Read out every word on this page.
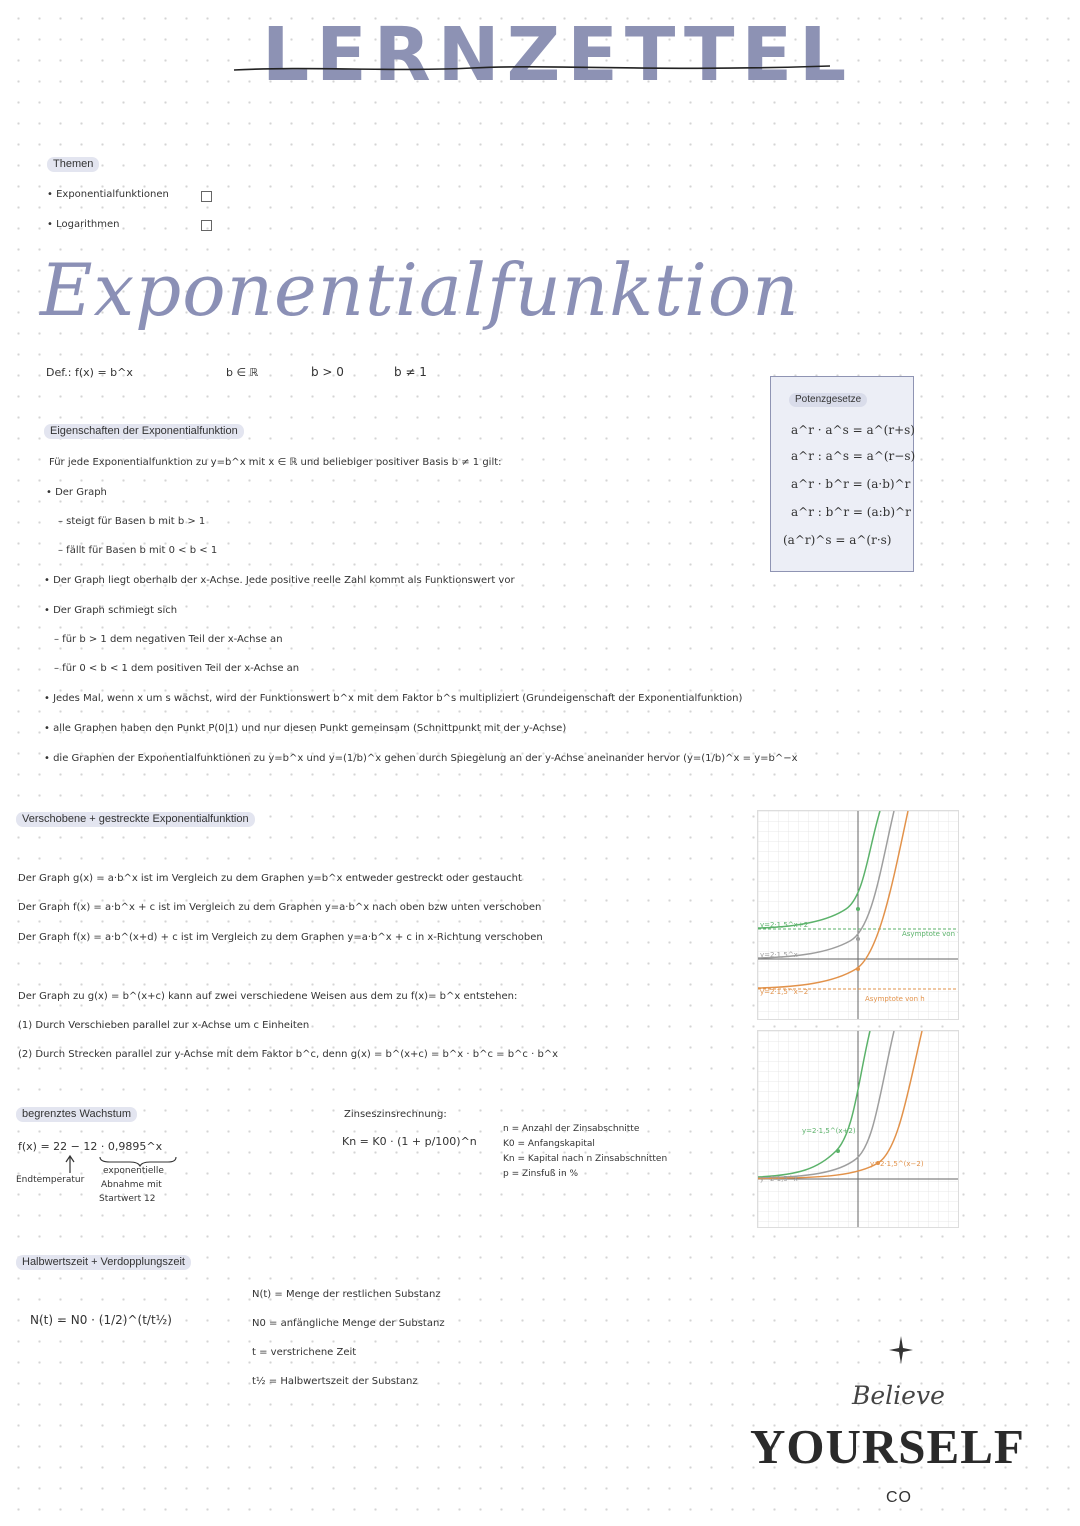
LERNZETTEL
Themen
• Exponentialfunktionen
• Logarithmen
Exponentialfunktion
Def.: f(x) = b^x	b ∈ ℝ	b > 0	b ≠ 1
Potenzgesetze
a^r · a^s = a^(r+s)
a^r : a^s = a^(r−s)
a^r · b^r = (a·b)^r
a^r : b^r = (a:b)^r
(a^r)^s = a^(r·s)
Eigenschaften der Exponentialfunktion
Für jede Exponentialfunktion zu y=b^x mit x ∈ ℝ und beliebiger positiver Basis b ≠ 1 gilt:
• Der Graph
– steigt für Basen b mit b > 1
– fällt für Basen b mit 0 < b < 1
• Der Graph liegt oberhalb der x-Achse. Jede positive reelle Zahl kommt als Funktionswert vor
• Der Graph schmiegt sich
– für b > 1 dem negativen Teil der x-Achse an
– für 0 < b < 1 dem positiven Teil der x-Achse an
• Jedes Mal, wenn x um s wächst, wird der Funktionswert b^x mit dem Faktor b^s multipliziert (Grundeigenschaft der Exponentialfunktion)
• alle Graphen haben den Punkt P(0|1) und nur diesen Punkt gemeinsam (Schnittpunkt mit der y-Achse)
• die Graphen der Exponentialfunktionen zu y=b^x und y=(1/b)^x gehen durch Spiegelung an der y-Achse aneinander hervor (y=(1/b)^x = y=b^−x
Verschobene + gestreckte Exponentialfunktion
Der Graph g(x) = a·b^x ist im Vergleich zu dem Graphen y=b^x entweder gestreckt oder gestaucht
Der Graph f(x) = a·b^x + c ist im Vergleich zu dem Graphen y=a·b^x nach oben bzw unten verschoben
Der Graph f(x) = a·b^(x+d) + c ist im Vergleich zu dem Graphen y=a·b^x + c in x-Richtung verschoben
Der Graph zu g(x) = b^(x+c) kann auf zwei verschiedene Weisen aus dem zu f(x)= b^x entstehen:
(1) Durch Verschieben parallel zur x-Achse um c Einheiten
(2) Durch Strecken parallel zur y-Achse mit dem Faktor b^c, denn g(x) = b^(x+c) = b^x · b^c = b^c · b^x
y=2·1,5^x+2
y=2·1,5^x
y=2·1,5^x−2
Asymptote von f
Asymptote von h
y=2·1,5^(x+2)
y=2·1,5^x
y=2·1,5^(x−2)
begrenztes Wachstum
f(x) = 22 − 12 · 0,9895^x
Endtemperatur
exponentielle
Abnahme mit
Startwert 12
Zinseszinsrechnung:
Kn = K0 · (1 + p/100)^n
n = Anzahl der Zinsabschnitte
K0 = Anfangskapital
Kn = Kapital nach n Zinsabschnitten
p = Zinsfuß in %
Halbwertszeit + Verdopplungszeit
N(t) = N0 · (1/2)^(t/t½)
N(t) = Menge der restlichen Substanz
N0 = anfängliche Menge der Substanz
t = verstrichene Zeit
t½ = Halbwertszeit der Substanz	Believe
YOURSELF
CO
